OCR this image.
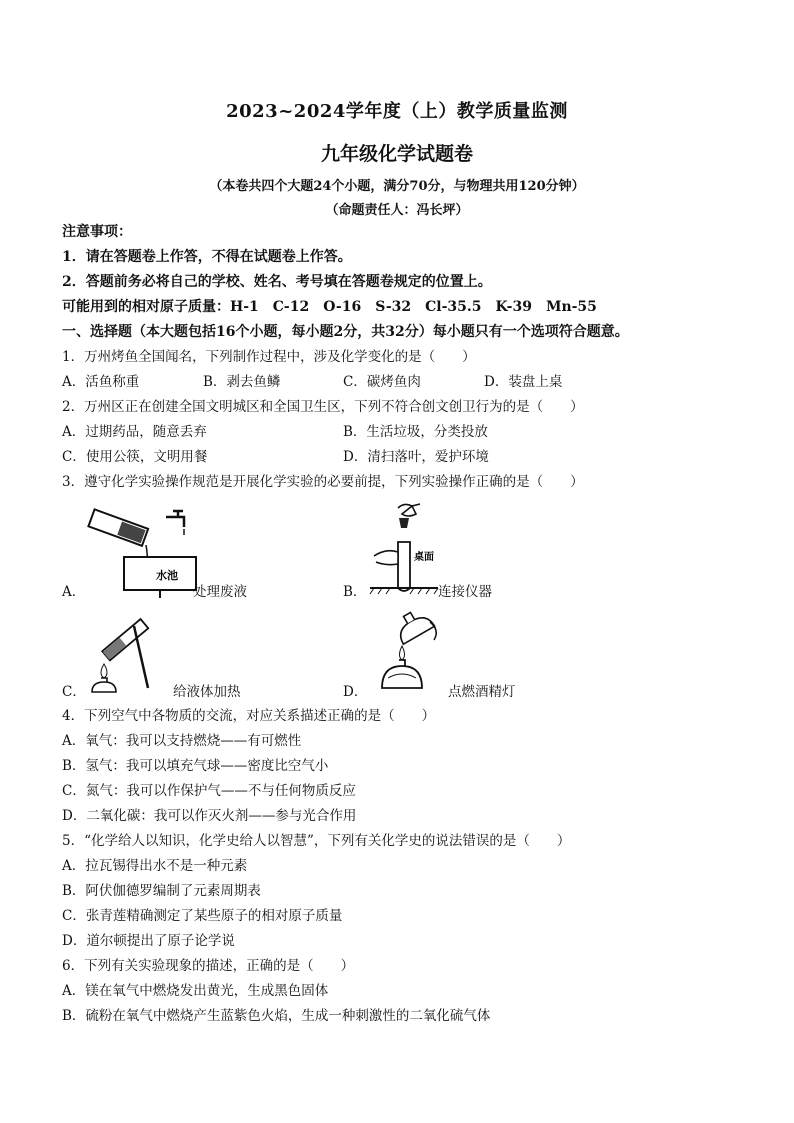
2023~2024学年度（上）教学质量监测
九年级化学试题卷
（本卷共四个大题24个小题，满分70分，与物理共用120分钟）
（命题责任人：冯长坪）
注意事项：
1．请在答题卷上作答，不得在试题卷上作答。
2．答题前务必将自己的学校、姓名、考号填在答题卷规定的位置上。
可能用到的相对原子质量：H-1　C-12　O-16　S-32　Cl-35.5　K-39　Mn-55
一、选择题（本大题包括16个小题，每小题2分，共32分）每小题只有一个选项符合题意。
1．万州烤鱼全国闻名，下列制作过程中，涉及化学变化的是（　　）
A．活鱼称重	B．剥去鱼鳞	C．碳烤鱼肉	D．装盘上桌
2．万州区正在创建全国文明城区和全国卫生区，下列不符合创文创卫行为的是（　　）
A．过期药品，随意丢弃	B．生活垃圾，分类投放
C．使用公筷，文明用餐	D．清扫落叶，爱护环境
3．遵守化学实验操作规范是开展化学实验的必要前提，下列实验操作正确的是（　　）
水池
A．	处理废液
桌面
B．	连接仪器
C．	给液体加热	D．	点燃酒精灯
4．下列空气中各物质的交流，对应关系描述正确的是（　　）
A．氧气：我可以支持燃烧——有可燃性
B．氢气：我可以填充气球——密度比空气小
C．氮气：我可以作保护气——不与任何物质反应
D．二氧化碳：我可以作灭火剂——参与光合作用
5．“化学给人以知识，化学史给人以智慧”，下列有关化学史的说法错误的是（　　）
A．拉瓦锡得出水不是一种元素
B．阿伏伽德罗编制了元素周期表
C．张青莲精确测定了某些原子的相对原子质量
D．道尔顿提出了原子论学说
6．下列有关实验现象的描述，正确的是（　　）
A．镁在氧气中燃烧发出黄光，生成黑色固体
B．硫粉在氧气中燃烧产生蓝紫色火焰，生成一种刺激性的二氧化硫气体
